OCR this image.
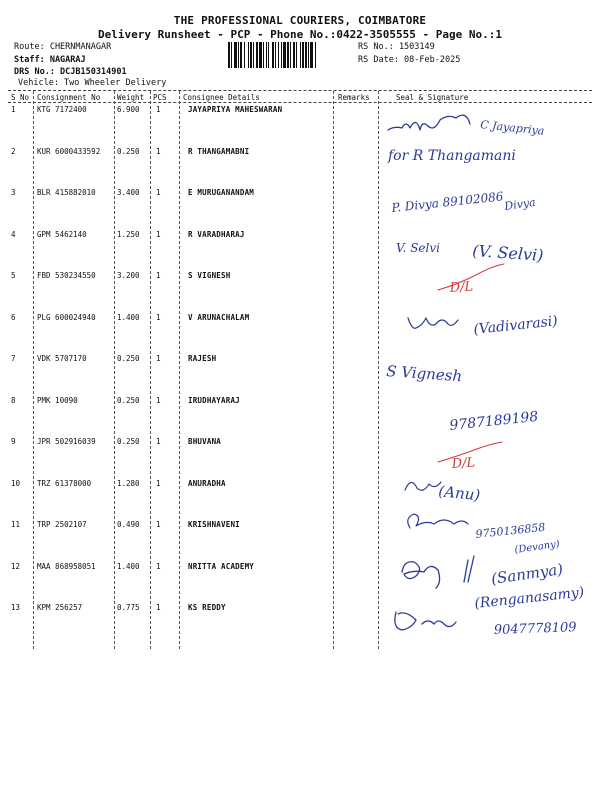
THE PROFESSIONAL COURIERS, COIMBATORE
Delivery Runsheet - PCP - Phone No.:0422-3505555 - Page No.:1
Route: CHERNMANAGAR
Staff: NAGARAJ
DRS No.: DCJB150314901
Vehicle: Two Wheeler Delivery
RS No.: 1503149
RS Date: 08-Feb-2025
S No Consignment No Weight PCS Consignee Details	Remarks	Seal & Signature
1	KTG 7172400	6.900 1	JAYAPRIYA MAHESWARAN
2	KUR 6000433592 0.250 1	R THANGAMABNI
3	BLR 415882010	3.400 1	E MURUGANANDAM
4	GPM 5462140	1.250 1	R VARADHARAJ
5	FBD 530234550	3.200 1	S VIGNESH
6	PLG 600024940	1.400 1	V ARUNACHALAM
7	VDK 5707170	0.250 1	RAJESH
8	PMK 10090	0.250 1	IRUDHAYARAJ
9	JPR 502916039	0.250 1	BHUVANA
10 TRZ 61378000	1.280 1	ANURADHA
11 TRP 2502107	0.490 1	KRISHNAVENI
12 MAA 868958051	1.400 1	NRITTA ACADEMY
13 KPM 256257	0.775 1	KS REDDY
C Jayapriya
for R Thangamani
P. Divya 89102086 Divya
V. Selvi (V. Selvi)
D/L
(Vadivarasi)
S Vignesh
9787189198
D/L
(Anu)
9750136858
(Devany)
(Sanmya)
(Renganasamy)
9047778109
